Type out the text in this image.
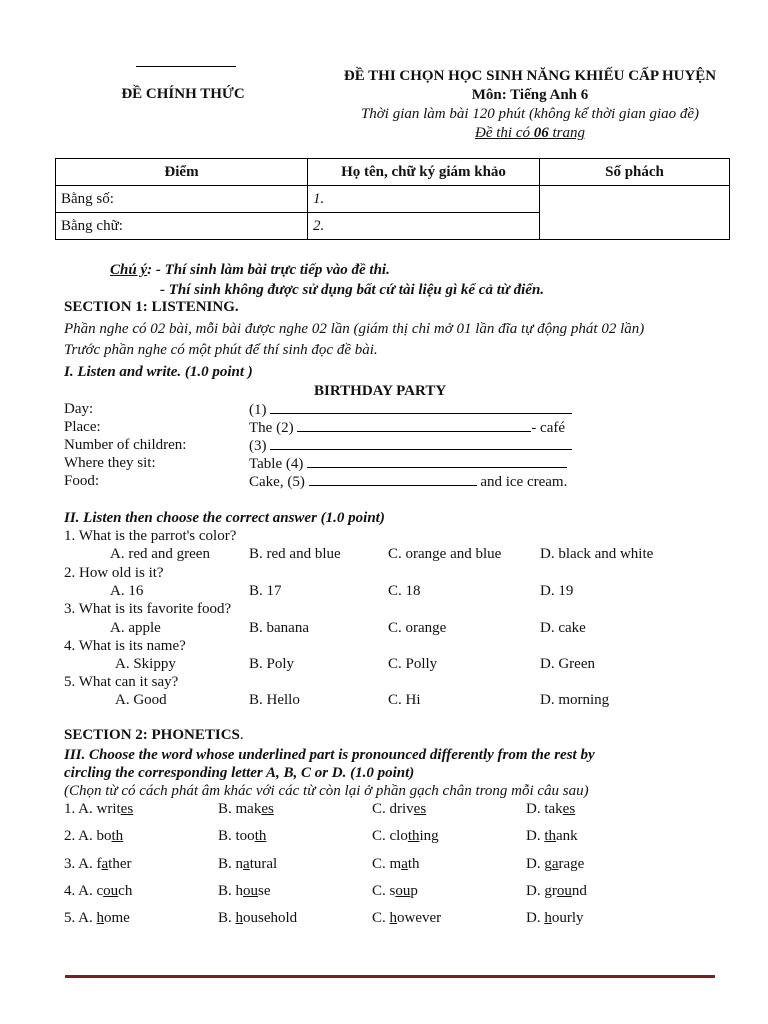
ĐỀ CHÍNH THỨC
ĐỀ THI CHỌN HỌC SINH NĂNG KHIẾU CẤP HUYỆN
Môn: Tiếng Anh 6
Thời gian làm bài 120 phút (không kể thời gian giao đề)
Đề thi có 06 trang
Điểm	Họ tên, chữ ký giám khảo	Số phách
Bằng số:	1.	
Bằng chữ:	2.	
Chú ý: - Thí sinh làm bài trực tiếp vào đề thi.
- Thí sinh không được sử dụng bất cứ tài liệu gì kể cả từ điển.
SECTION 1: LISTENING.
Phần nghe có 02 bài, mỗi bài được nghe 02 lần (giám thị chỉ mở 01 lần đĩa tự động phát 02 lần)
Trước phần nghe có một phút để thí sinh đọc đề bài.
I. Listen and write. (1.0 point )
BIRTHDAY PARTY
Day:	(1)
Place:	The (2)	- café
Number of children:	(3)
Where they sit:	Table (4)
Food:	Cake, (5)	and ice cream.
II. Listen then choose the correct answer (1.0 point)
1. What is the parrot's color?
A. red and green	B. red and blue	C. orange and blue	D. black and white
2. How old is it?
A. 16	B. 17	C. 18	D. 19
3. What is its favorite food?
A. apple	B. banana	C. orange	D. cake
4. What is its name?
A. Skippy	B. Poly	C. Polly	D. Green
5. What can it say?
A. Good	B. Hello	C. Hi	D. morning
SECTION 2: PHONETICS.
III. Choose the word whose underlined part is pronounced differently from the rest by
circling the corresponding letter A, B, C or D. (1.0 point)
(Chọn từ có cách phát âm khác với các từ còn lại ở phần gạch chân trong mỗi câu sau)
1. A. writes	B. makes	C. drives	D. takes
2. A. both	B. tooth	C. clothing	D. thank
3. A. father	B. natural	C. math	D. garage
4. A. couch	B. house	C. soup	D. ground
5. A. home	B. household	C. however	D. hourly
